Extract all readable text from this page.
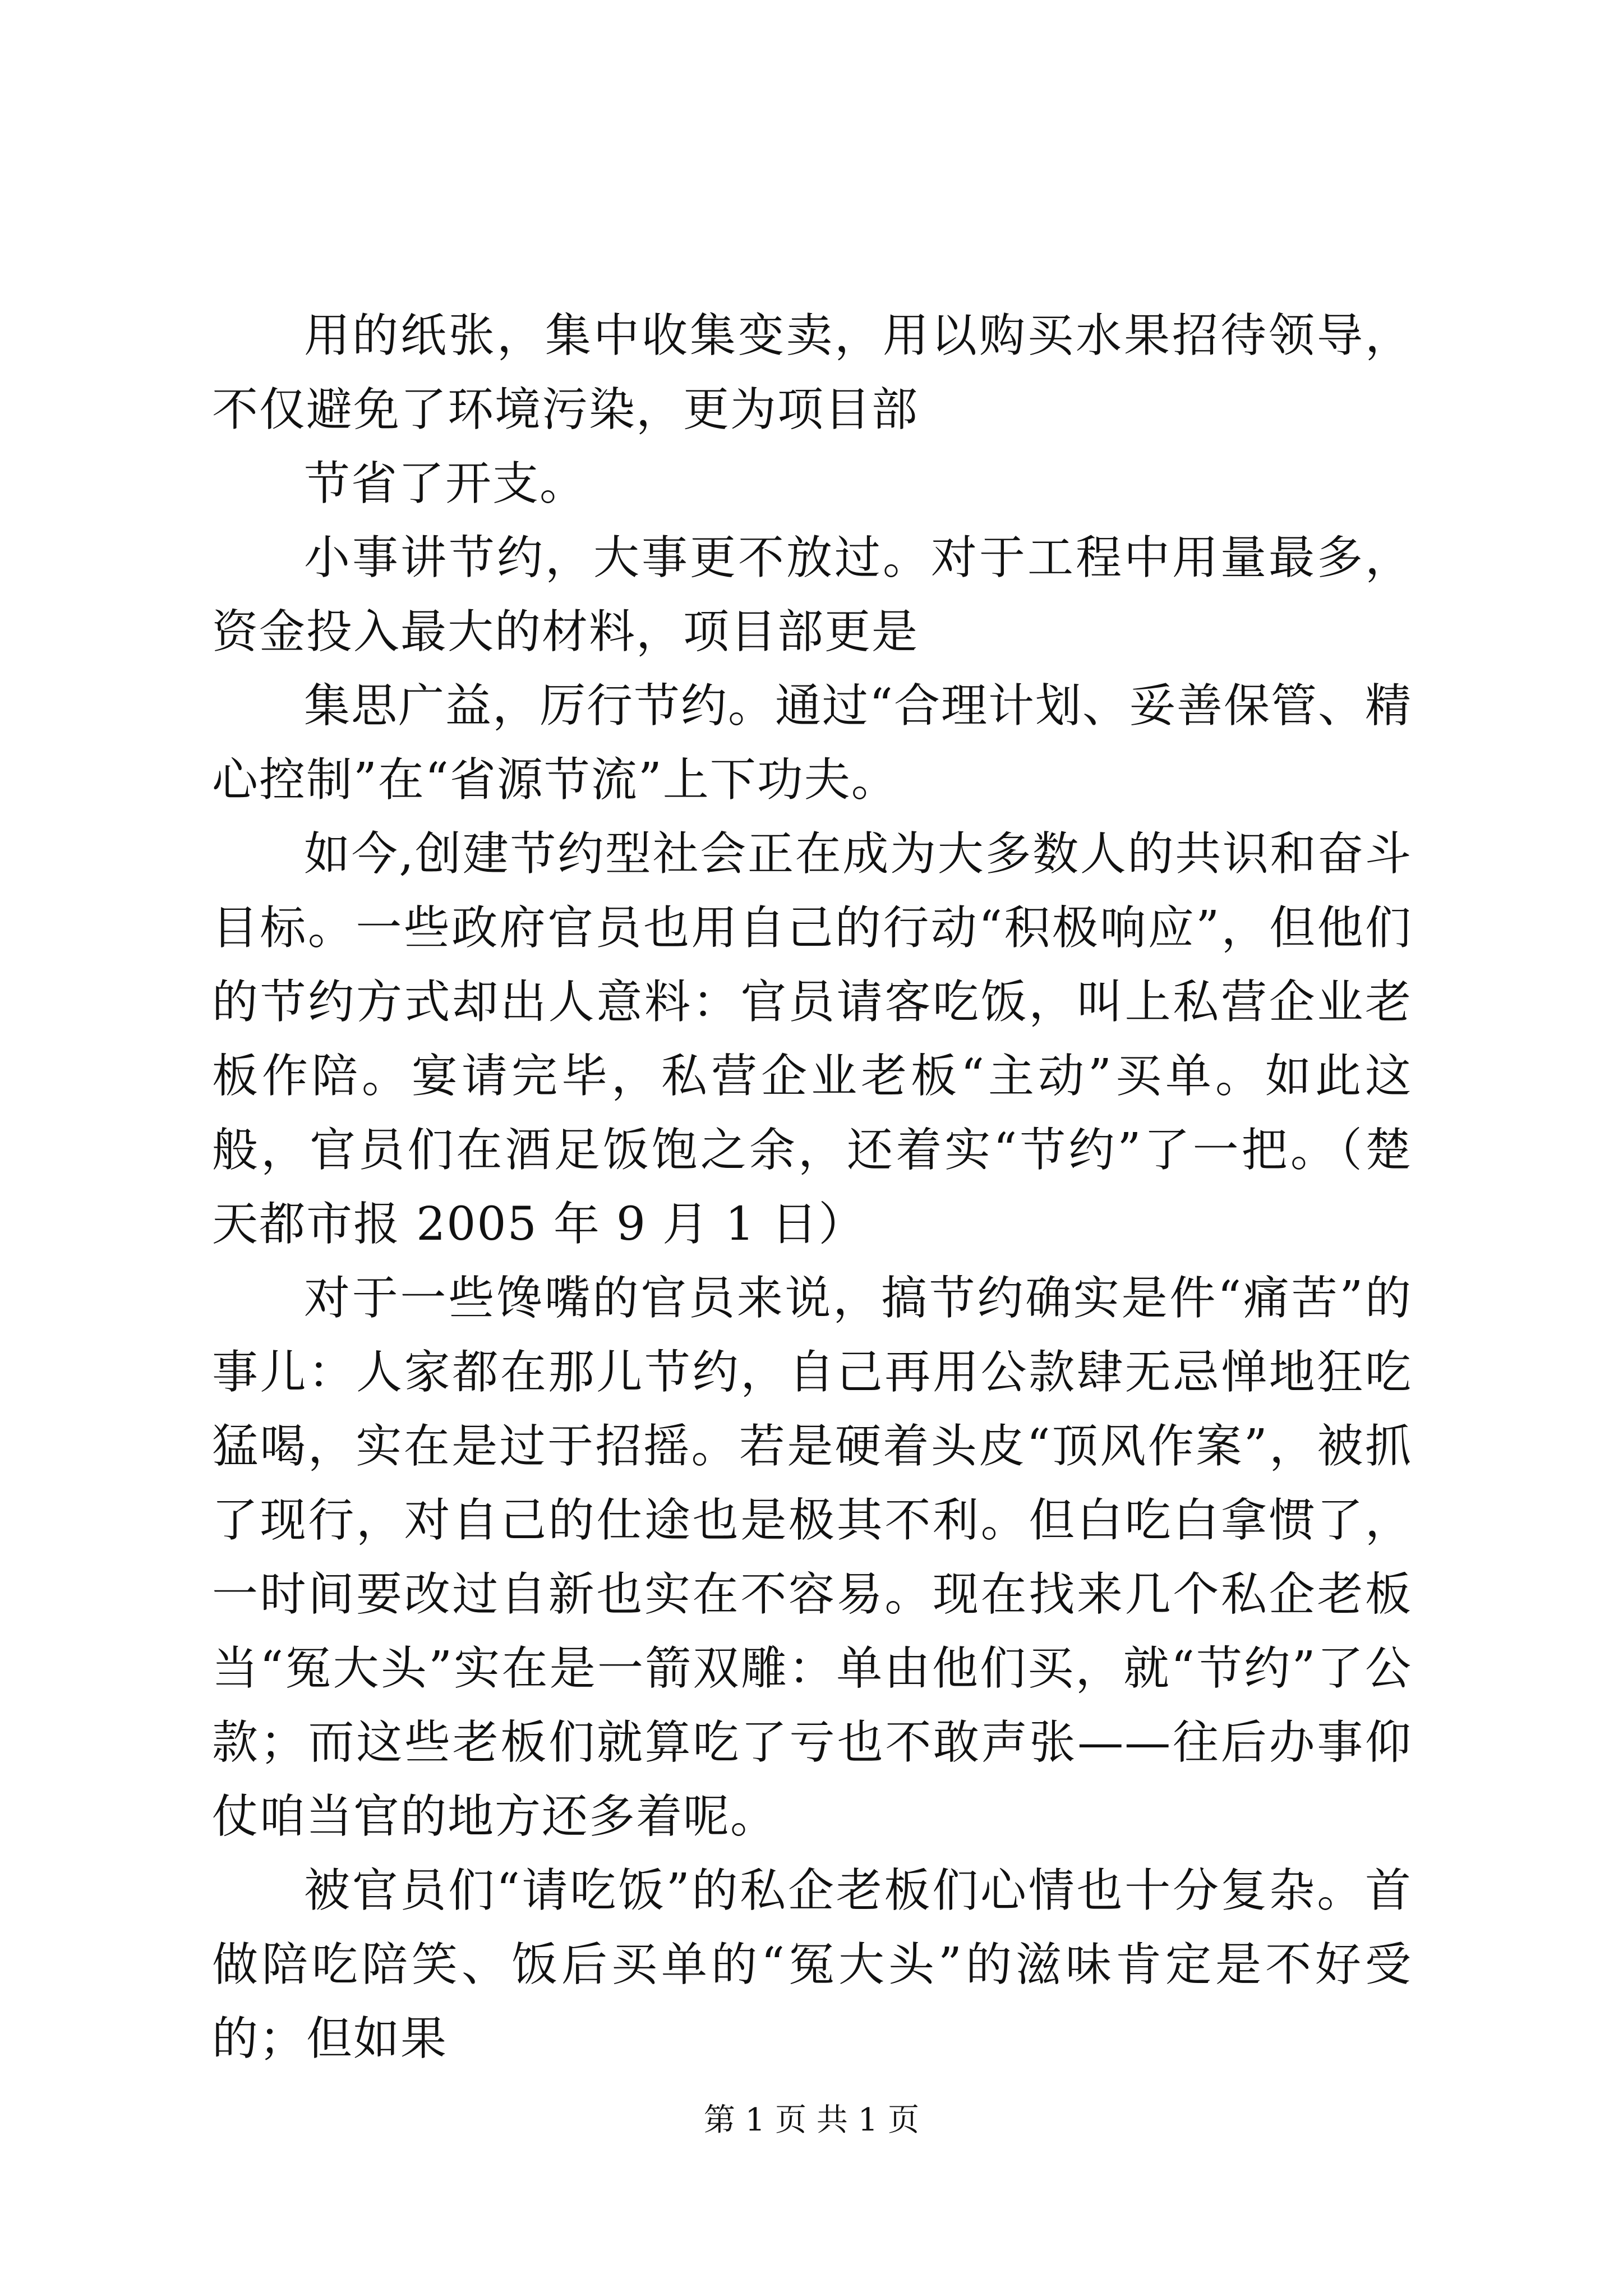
用的纸张，集中收集变卖，用以购买水果招待领导，不仅避免了环境污染，更为项目部

节省了开支。

小事讲节约，大事更不放过。对于工程中用量最多，资金投入最大的材料，项目部更是

集思广益，厉行节约。通过“合理计划、妥善保管、精心控制”在“省源节流”上下功夫。

如今,创建节约型社会正在成为大多数人的共识和奋斗目标。一些政府官员也用自己的行动“积极响应”，但他们的节约方式却出人意料：官员请客吃饭，叫上私营企业老板作陪。宴请完毕，私营企业老板“主动”买单。如此这般，官员们在酒足饭饱之余，还着实“节约”了一把。（楚天都市报 2005 年 9 月 1 日）

对于一些馋嘴的官员来说，搞节约确实是件“痛苦”的事儿：人家都在那儿节约，自己再用公款肆无忌惮地狂吃猛喝，实在是过于招摇。若是硬着头皮“顶风作案”，被抓了现行，对自己的仕途也是极其不利。但白吃白拿惯了，一时间要改过自新也实在不容易。现在找来几个私企老板当“冤大头”实在是一箭双雕：单由他们买，就“节约”了公款；而这些老板们就算吃了亏也不敢声张——往后办事仰仗咱当官的地方还多着呢。

被官员们“请吃饭”的私企老板们心情也十分复杂。首做陪吃陪笑、饭后买单的“冤大头”的滋味肯定是不好受的；但如果

第 1 页 共 1 页
